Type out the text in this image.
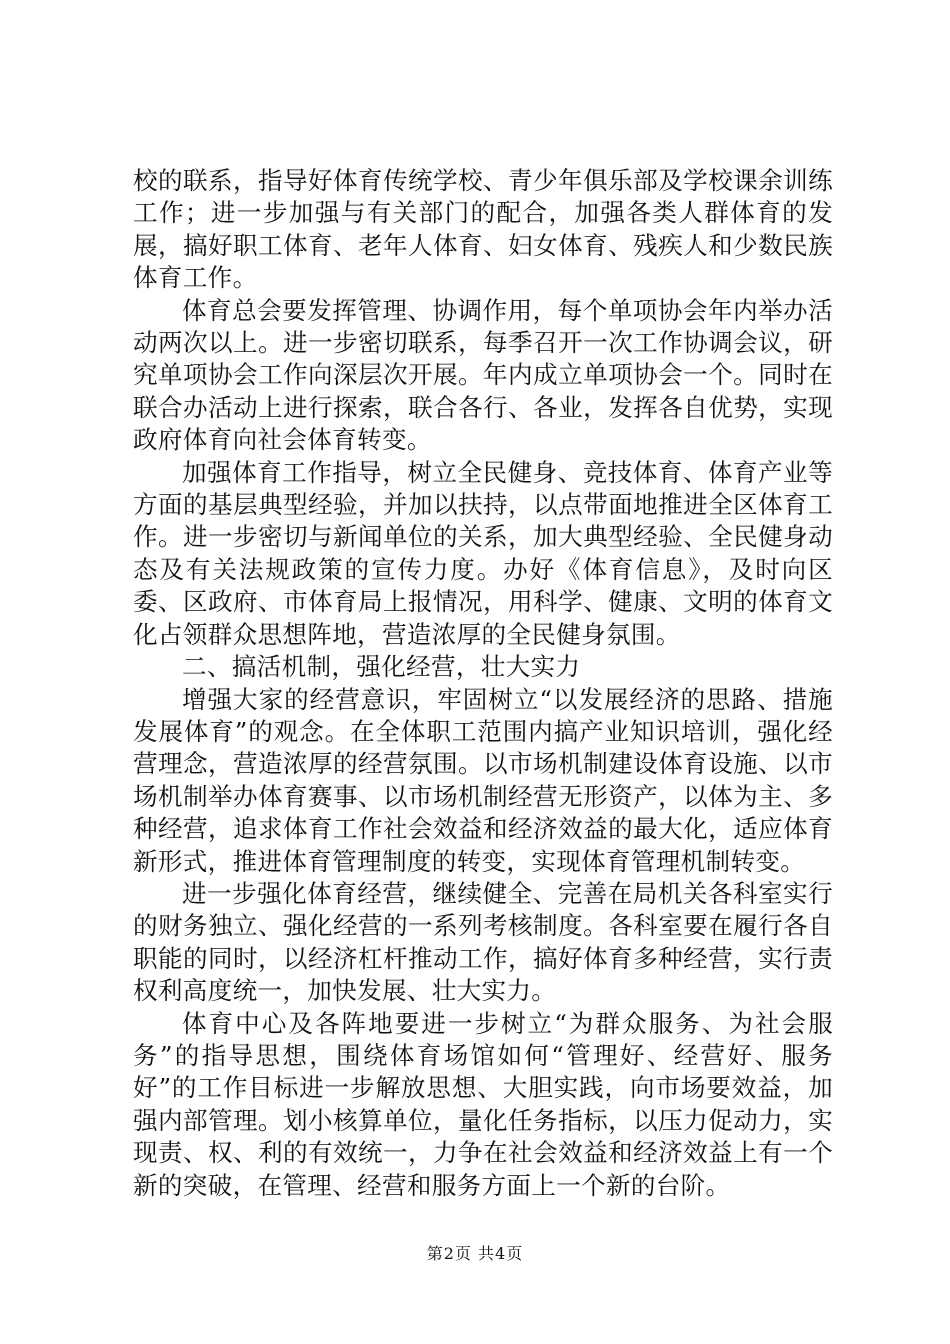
校的联系，指导好体育传统学校、青少年俱乐部及学校课余训练工作；进一步加强与有关部门的配合，加强各类人群体育的发展，搞好职工体育、老年人体育、妇女体育、残疾人和少数民族体育工作。

体育总会要发挥管理、协调作用，每个单项协会年内举办活动两次以上。进一步密切联系，每季召开一次工作协调会议，研究单项协会工作向深层次开展。年内成立单项协会一个。同时在联合办活动上进行探索，联合各行、各业，发挥各自优势，实现政府体育向社会体育转变。

加强体育工作指导，树立全民健身、竞技体育、体育产业等方面的基层典型经验，并加以扶持，以点带面地推进全区体育工作。进一步密切与新闻单位的关系，加大典型经验、全民健身动态及有关法规政策的宣传力度。办好《体育信息》，及时向区委、区政府、市体育局上报情况，用科学、健康、文明的体育文化占领群众思想阵地，营造浓厚的全民健身氛围。

二、搞活机制，强化经营，壮大实力

增强大家的经营意识，牢固树立“以发展经济的思路、措施发展体育”的观念。在全体职工范围内搞产业知识培训，强化经营理念，营造浓厚的经营氛围。以市场机制建设体育设施、以市场机制举办体育赛事、以市场机制经营无形资产，以体为主、多种经营，追求体育工作社会效益和经济效益的最大化，适应体育新形式，推进体育管理制度的转变，实现体育管理机制转变。

进一步强化体育经营，继续健全、完善在局机关各科室实行的财务独立、强化经营的一系列考核制度。各科室要在履行各自职能的同时，以经济杠杆推动工作，搞好体育多种经营，实行责权利高度统一，加快发展、壮大实力。

体育中心及各阵地要进一步树立“为群众服务、为社会服务”的指导思想，围绕体育场馆如何“管理好、经营好、服务好”的工作目标进一步解放思想、大胆实践，向市场要效益，加强内部管理。划小核算单位，量化任务指标，以压力促动力，实现责、权、利的有效统一，力争在社会效益和经济效益上有一个新的突破，在管理、经营和服务方面上一个新的台阶。

第2页 共4页
